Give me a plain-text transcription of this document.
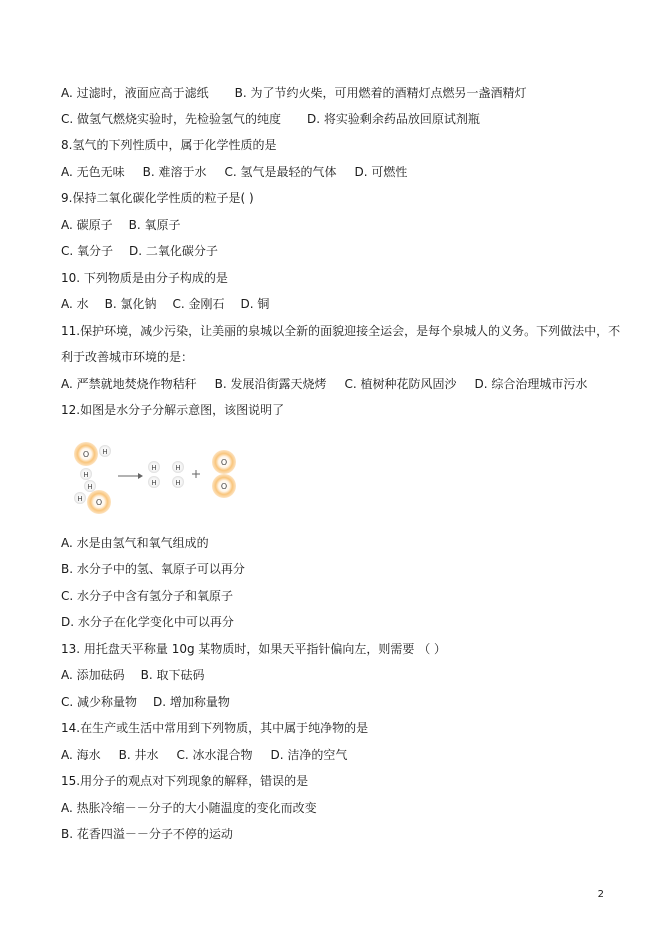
A. 过滤时，液面应高于滤纸 B. 为了节约火柴，可用燃着的酒精灯点燃另一盏酒精灯
C. 做氢气燃烧实验时，先检验氢气的纯度 D. 将实验剩余药品放回原试剂瓶
8.氢气的下列性质中，属于化学性质的是
A. 无色无味 B. 难溶于水 C. 氢气是最轻的气体 D. 可燃性
9.保持二氧化碳化学性质的粒子是( )
A. 碳原子 B. 氧原子
C. 氧分子 D. 二氧化碳分子
10. 下列物质是由分子构成的是
A. 水 B. 氯化钠 C. 金刚石 D. 铜
11.保护环境，减少污染，让美丽的泉城以全新的面貌迎接全运会，是每个泉城人的义务。下列做法中，不
利于改善城市环境的是：
A. 严禁就地焚烧作物秸秆 B. 发展沿街露天烧烤 C. 植树种花防风固沙 D. 综合治理城市污水
12.如图是水分子分解示意图，该图说明了
O H
H
H O
H
H
H
H
H
O
O
A. 水是由氢气和氧气组成的
B. 水分子中的氢、氧原子可以再分
C. 水分子中含有氢分子和氧原子
D. 水分子在化学变化中可以再分
13. 用托盘天平称量 10g 某物质时，如果天平指针偏向左，则需要 （ ）
A. 添加砝码 B. 取下砝码
C. 减少称量物 D. 增加称量物
14.在生产或生活中常用到下列物质，其中属于纯净物的是
A. 海水 B. 井水 C. 冰水混合物 D. 洁净的空气
15.用分子的观点对下列现象的解释，错误的是
A. 热胀冷缩－－分子的大小随温度的变化而改变
B. 花香四溢－－分子不停的运动
2
